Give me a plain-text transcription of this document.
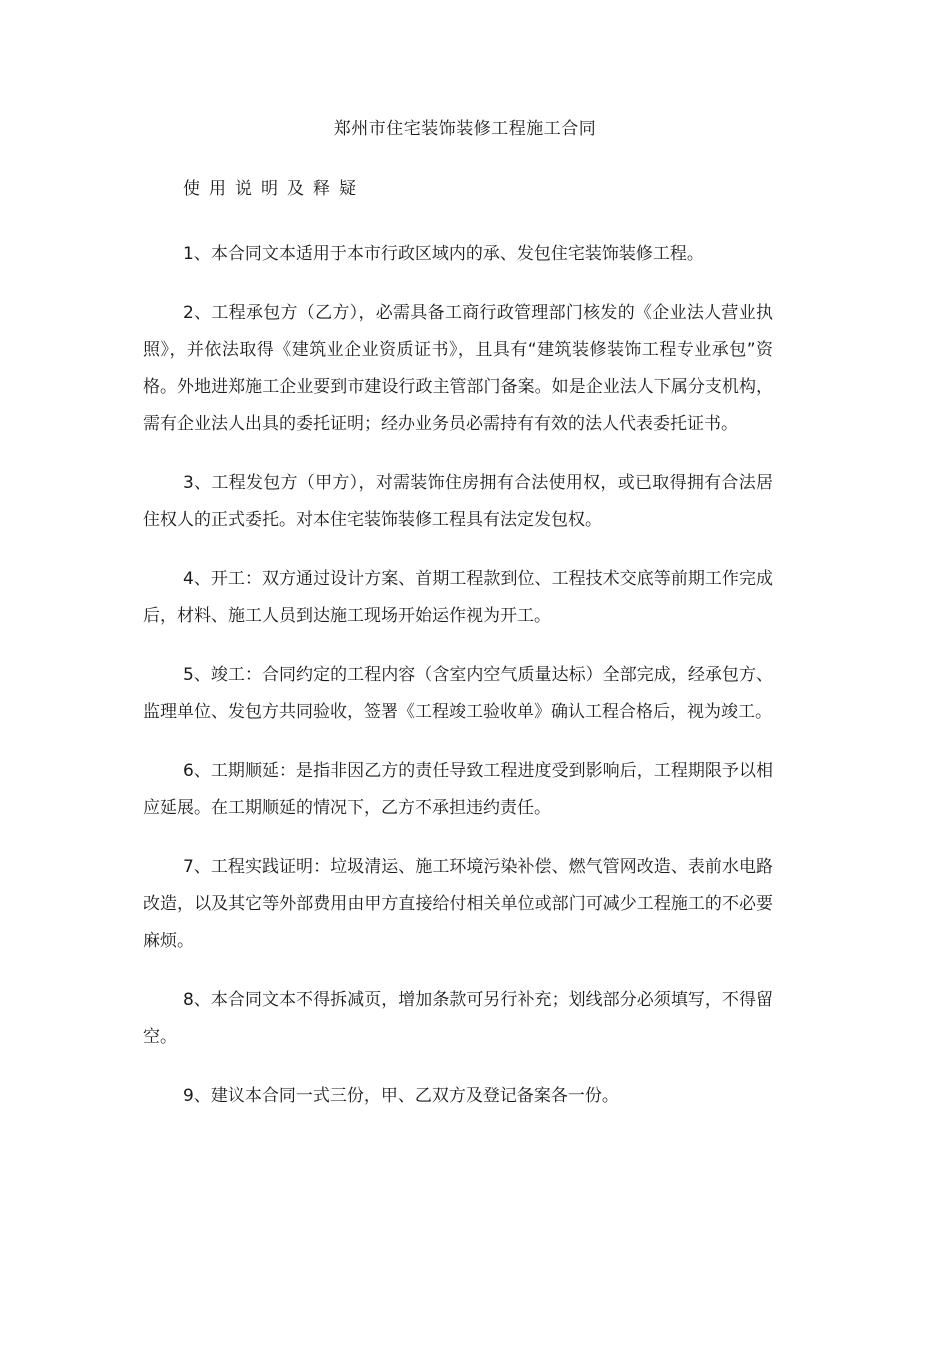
郑州市住宅装饰装修工程施工合同
使用说明及释疑

1、本合同文本适用于本市行政区域内的承、发包住宅装饰装修工程。

2、工程承包方（乙方），必需具备工商行政管理部门核发的《企业法人营业执照》，并依法取得《建筑业企业资质证书》，且具有“建筑装修装饰工程专业承包”资格。外地进郑施工企业要到市建设行政主管部门备案。如是企业法人下属分支机构，需有企业法人出具的委托证明；经办业务员必需持有有效的法人代表委托证书。

3、工程发包方（甲方），对需装饰住房拥有合法使用权，或已取得拥有合法居住权人的正式委托。对本住宅装饰装修工程具有法定发包权。

4、开工：双方通过设计方案、首期工程款到位、工程技术交底等前期工作完成后，材料、施工人员到达施工现场开始运作视为开工。

5、竣工：合同约定的工程内容（含室内空气质量达标）全部完成，经承包方、监理单位、发包方共同验收，签署《工程竣工验收单》确认工程合格后，视为竣工。

6、工期顺延：是指非因乙方的责任导致工程进度受到影响后，工程期限予以相应延展。在工期顺延的情况下，乙方不承担违约责任。

7、工程实践证明：垃圾清运、施工环境污染补偿、燃气管网改造、表前水电路改造，以及其它等外部费用由甲方直接给付相关单位或部门可减少工程施工的不必要麻烦。

8、本合同文本不得拆减页，增加条款可另行补充；划线部分必须填写，不得留空。

9、建议本合同一式三份，甲、乙双方及登记备案各一份。
